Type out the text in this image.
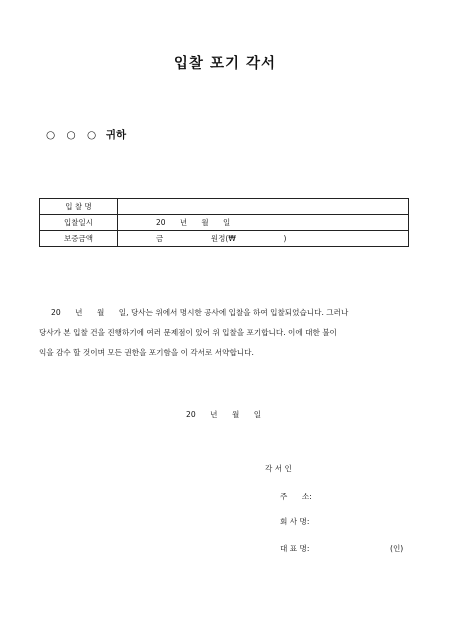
입찰 포기 각서
○ ○ ○ 귀하
입 찰 명	
입찰일시	20      년      월      일
보증금액	금                    원정(₩                    )
20      년      월      일, 당사는 위에서 명시한 공사에 입찰을 하여 입찰되었습니다. 그러나
당사가 본 입찰 건을 진행하기에 여러 문제점이 있어 위 입찰을 포기합니다. 이에 대한 불이
익을 감수 할 것이며 모든 권한을 포기함을 이 각서로 서약합니다.
20      년      월      일
각 서 인
주      소:
회 사 명:
대 표 명:	(인)
